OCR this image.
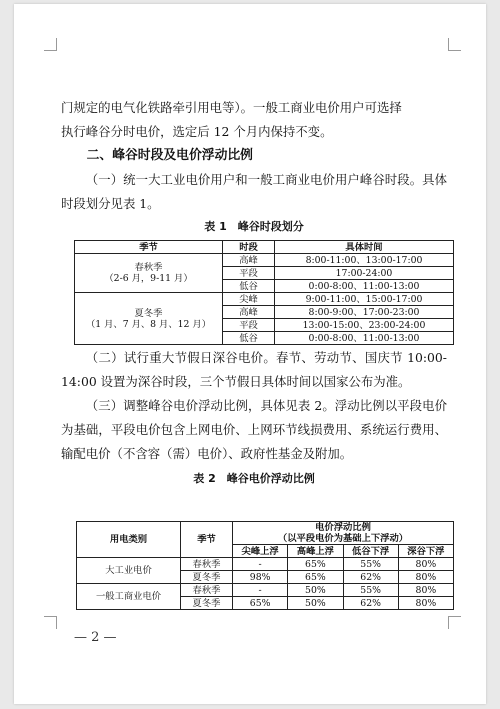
门规定的电气化铁路牵引用电等）。一般工商业电价用户可选择

执行峰谷分时电价，选定后 12 个月内保持不变。

二、峰谷时段及电价浮动比例

（一）统一大工业电价用户和一般工商业电价用户峰谷时段。具体时段划分见表 1。

表 1　峰谷时段划分

季节	时段	具体时间

春秋季
（2-6 月，9-11 月）	高峰	8:00-11:00、13:00-17:00
	平段	17:00-24:00
	低谷	0:00-8:00、11:00-13:00

夏冬季
（1 月、7 月、8 月、12 月）	尖峰	9:00-11:00、15:00-17:00
	高峰	8:00-9:00、17:00-23:00
	平段	13:00-15:00、23:00-24:00
	低谷	0:00-8:00、11:00-13:00

（二）试行重大节假日深谷电价。春节、劳动节、国庆节 10:00-14:00 设置为深谷时段，三个节假日具体时间以国家公布为准。

（三）调整峰谷电价浮动比例，具体见表 2。浮动比例以平段电价为基础，平段电价包含上网电价、上网环节线损费用、系统运行费用、输配电价（不含容（需）电价）、政府性基金及附加。

表 2　峰谷电价浮动比例

用电类别	季节	电价浮动比例
（以平段电价为基础上下浮动）			

		尖峰上浮	高峰上浮	低谷下浮	深谷下浮
大工业电价	春秋季	-	65%	55%	80%
	夏冬季	98%	65%	62%	80%
一般工商业电价	春秋季	-	50%	55%	80%
	夏冬季	65%	50%	62%	80%
— 2 —
